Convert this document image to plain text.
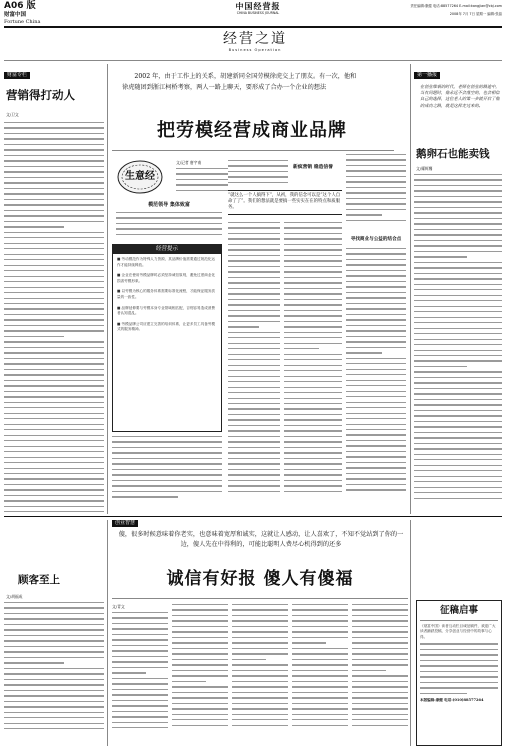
A06 版
财富中国
Fortune China
中国经营报
CHINA BUSINESS JOURNAL
责任编辑:康健 电话:88577264 E-mail:kangjian@cbj.com
2008年 7月 7日 星期一 编辑:张晶
经营之道
Business Operation
财富专栏
营销得打动人
文/卫文
2002 年，由于工作上的关系，胡建新同全国劳模徐虎交上了朋友。有一次，他和徐虎随团到浙江柯桥考察，两人一路上聊天，要形成了合办一个企业的想法
把劳模经营成商业品牌
生意经
文/记者 唐宇南
模范领导 集体致富
经营提示

■ 劳动模范作为特殊人力资源，其品牌价值需要通过规范化运作才能持续释放。

■ 企业在使用劳模品牌时必须坚持诚信原则，避免过度商业化损害劳模形象。

■ 以劳模为核心的服务体系需要标准化流程，才能保证服务质量的一致性。

■ 品牌延伸要与劳模本身专业领域相匹配，否则容易造成消费者认知混乱。

■ 劳模品牌公司应建立完善的培训体系，让更多员工具备劳模式的服务精神。

“就这么一个人搞得下”，从初，我的信念可以是“这个人自命了了”。我们的想法就是要搞一些实实在在的特点和质服务。

新疯营销 稳造信誉
寻找商业与公益的结合点
第一播报
在创业维艰的时代，老师在创业的路途中，当有问题时，他永远不会落空的，也会相信自己的选择，这位老人的第一步就开启了他的成功之路，就是这样走过来的。
鹅卵石也能卖钱
文/耀辉鹰
创业智慧
傻，很多时候意味着你老实，也意味着宽厚和诚实，这就让人感动，让人喜欢了，不知不觉站到了你的一边，傻人先在中得利的，可能比聪明人费尽心机得到的还多
诚信有好报 傻人有傻福
顾客至上
文/胡福成
文/青文	征稿启事

《财富中国》读者互动栏目诚征稿件，欢迎广大读者踊跃投稿，分享创业与经营中的故事与心得。

本版编辑:康健 电话:(010)88577264
